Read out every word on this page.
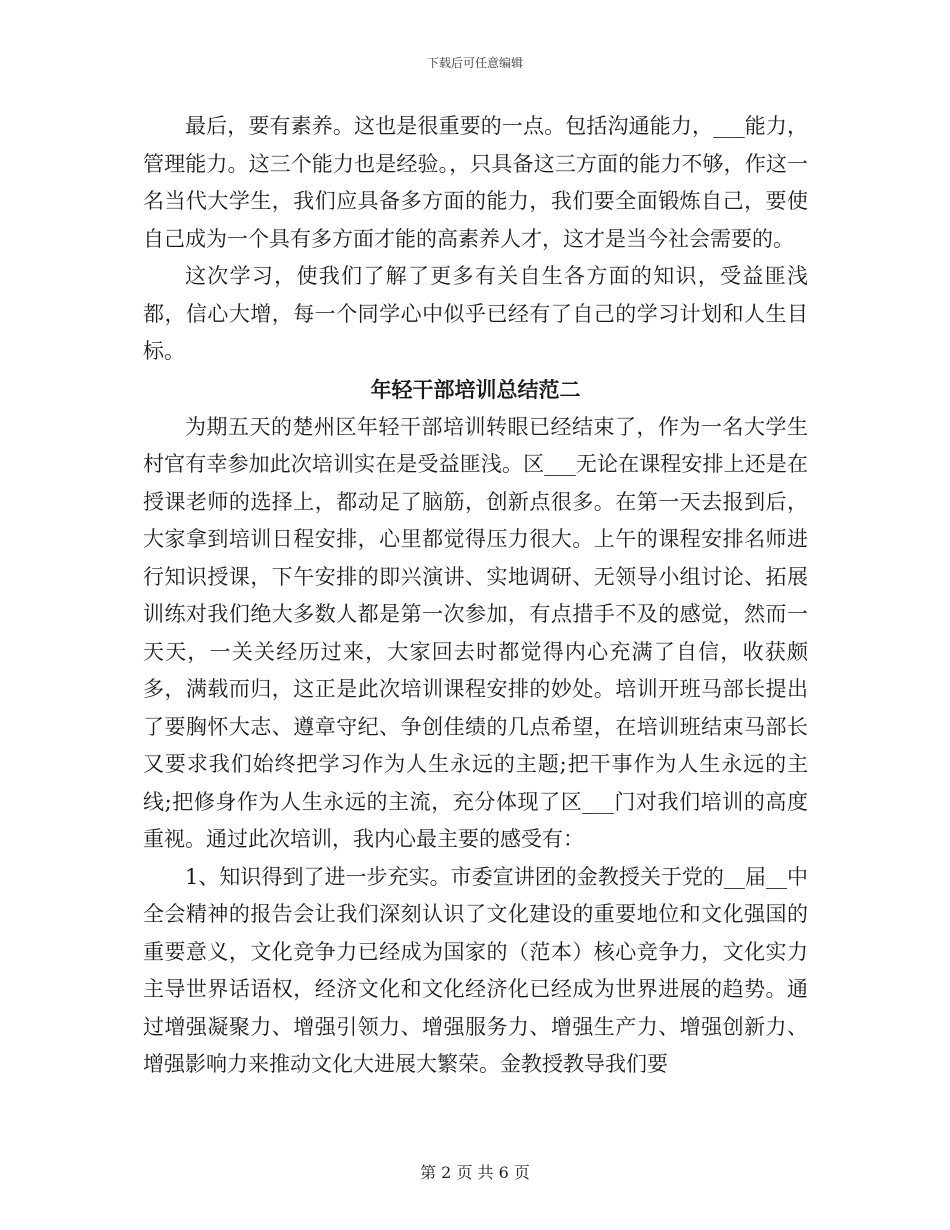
下载后可任意编辑

最后，要有素养。这也是很重要的一点。包括沟通能力，___能力，管理能力。这三个能力也是经验。，只具备这三方面的能力不够，作这一名当代大学生，我们应具备多方面的能力，我们要全面锻炼自己，要使自己成为一个具有多方面才能的高素养人才，这才是当今社会需要的。

这次学习，使我们了解了更多有关自生各方面的知识，受益匪浅都，信心大增，每一个同学心中似乎已经有了自己的学习计划和人生目标。

年轻干部培训总结范二

为期五天的楚州区年轻干部培训转眼已经结束了，作为一名大学生村官有幸参加此次培训实在是受益匪浅。区___无论在课程安排上还是在授课老师的选择上，都动足了脑筋，创新点很多。在第一天去报到后，大家拿到培训日程安排，心里都觉得压力很大。上午的课程安排名师进行知识授课，下午安排的即兴演讲、实地调研、无领导小组讨论、拓展训练对我们绝大多数人都是第一次参加，有点措手不及的感觉，然而一天天，一关关经历过来，大家回去时都觉得内心充满了自信，收获颇多，满载而归，这正是此次培训课程安排的妙处。培训开班马部长提出了要胸怀大志、遵章守纪、争创佳绩的几点希望，在培训班结束马部长又要求我们始终把学习作为人生永远的主题;把干事作为人生永远的主线;把修身作为人生永远的主流，充分体现了区___门对我们培训的高度重视。通过此次培训，我内心最主要的感受有：

1、知识得到了进一步充实。市委宣讲团的金教授关于党的__届__中全会精神的报告会让我们深刻认识了文化建设的重要地位和文化强国的重要意义，文化竞争力已经成为国家的（范本）核心竞争力，文化实力主导世界话语权，经济文化和文化经济化已经成为世界进展的趋势。通过增强凝聚力、增强引领力、增强服务力、增强生产力、增强创新力、增强影响力来推动文化大进展大繁荣。金教授教导我们要

第 2 页 共 6 页
